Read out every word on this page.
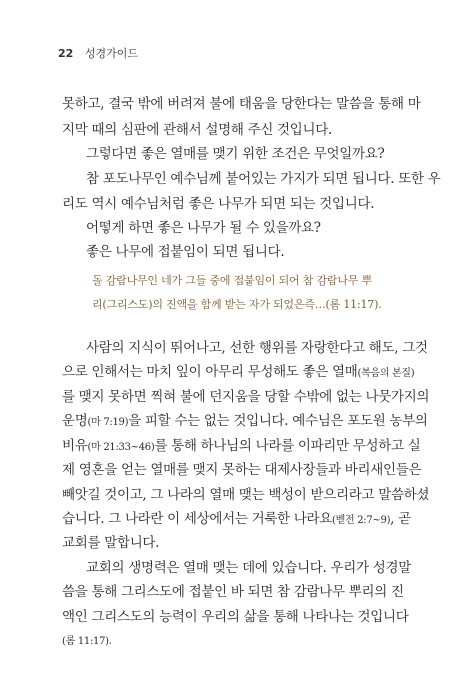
22 성경가이드
못하고, 결국 밖에 버려져 불에 태움을 당한다는 말씀을 통해 마
지막 때의 심판에 관해서 설명해 주신 것입니다.
그렇다면 좋은 열매를 맺기 위한 조건은 무엇일까요?
참 포도나무인 예수님께 붙어있는 가지가 되면 됩니다. 또한 우
리도 역시 예수님처럼 좋은 나무가 되면 되는 것입니다.
어떻게 하면 좋은 나무가 될 수 있을까요?
좋은 나무에 접붙임이 되면 됩니다.
돌 감람나무인 네가 그들 중에 접붙임이 되어 참 감람나무 뿌
리(그리스도)의 진액을 함께 받는 자가 되었은즉…(롬 11:17).
사람의 지식이 뛰어나고, 선한 행위를 자랑한다고 해도, 그것
으로 인해서는 마치 잎이 아무리 무성해도 좋은 열매(복음의 본질)
를 맺지 못하면 찍혀 불에 던지움을 당할 수밖에 없는 나뭇가지의
운명(마 7:19)을 피할 수는 없는 것입니다. 예수님은 포도원 농부의
비유(마 21:33~46)를 통해 하나님의 나라를 이파리만 무성하고 실
제 영혼을 얻는 열매를 맺지 못하는 대제사장들과 바리새인들은
빼앗길 것이고, 그 나라의 열매 맺는 백성이 받으리라고 말씀하셨
습니다. 그 나라란 이 세상에서는 거룩한 나라요(벧전 2:7~9), 곧
교회를 말합니다.
교회의 생명력은 열매 맺는 데에 있습니다. 우리가 성경말
씀을 통해 그리스도에 접붙인 바 되면 참 감람나무 뿌리의 진
액인 그리스도의 능력이 우리의 삶을 통해 나타나는 것입니다
(롬 11:17).
